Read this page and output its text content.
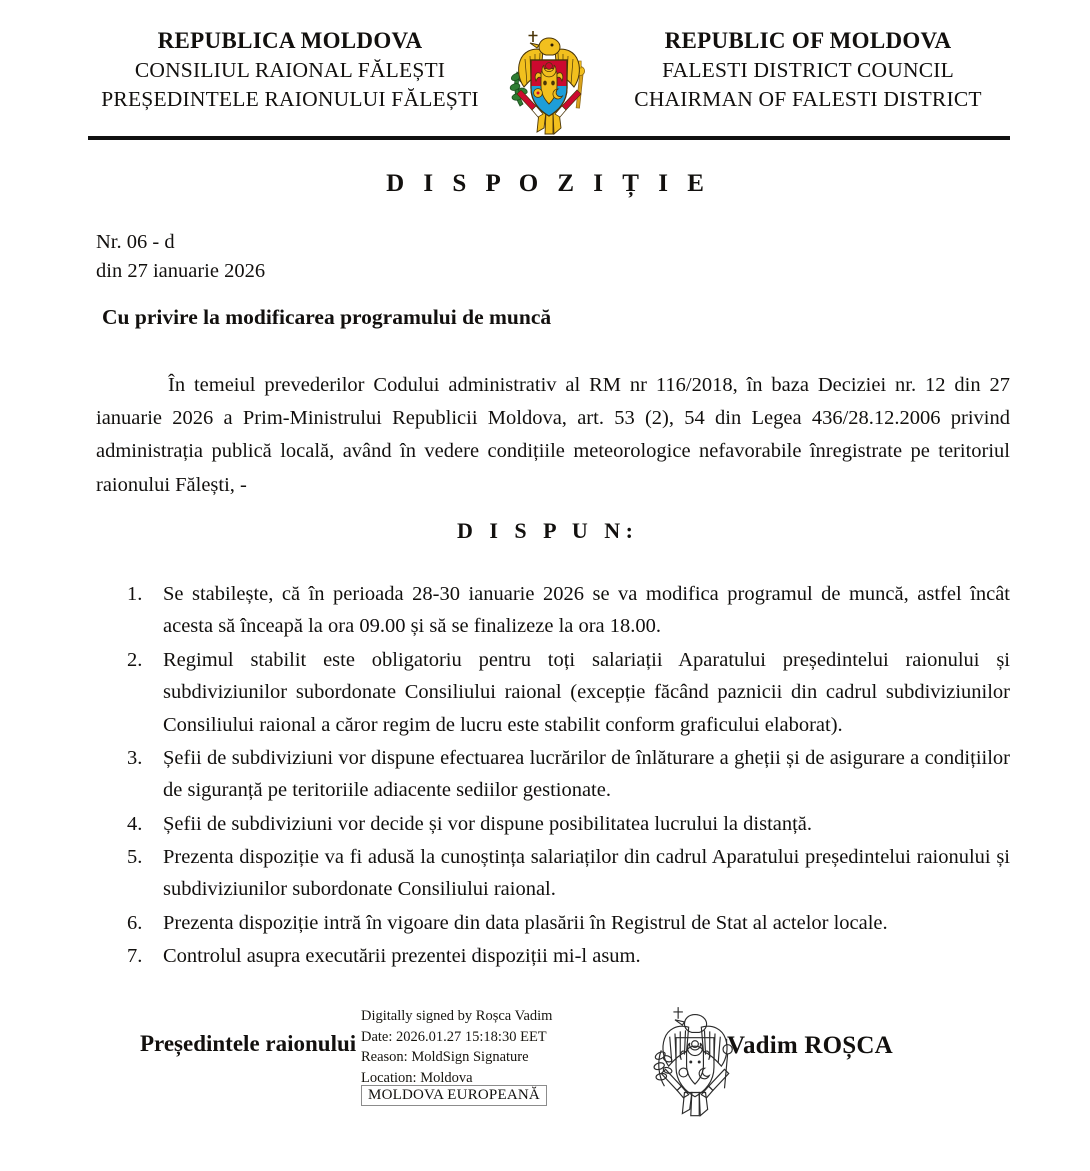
REPUBLICA MOLDOVA
CONSILIUL RAIONAL FĂLEȘTI
PREȘEDINTELE RAIONULUI FĂLEȘTI
REPUBLIC OF MOLDOVA
FALESTI DISTRICT COUNCIL
CHAIRMAN OF FALESTI DISTRICT
D I S P O Z I Ț I E
Nr. 06 - d
din 27 ianuarie 2026
Cu privire la modificarea programului de muncă
În temeiul prevederilor Codului administrativ al RM nr 116/2018, în baza Deciziei nr. 12 din 27 ianuarie 2026 a Prim-Ministrului Republicii Moldova, art. 53 (2), 54 din Legea 436/28.12.2006 privind administrația publică locală, având în vedere condițiile meteorologice nefavorabile înregistrate pe teritoriul raionului Fălești, -
D I S P U N:
1.	Se stabilește, că în perioada 28-30 ianuarie 2026 se va modifica programul de muncă, astfel încât acesta să înceapă la ora 09.00 și să se finalizeze la ora 18.00.
2.	Regimul stabilit este obligatoriu pentru toți salariații Aparatului președintelui raionului și subdiviziunilor subordonate Consiliului raional (excepție făcând paznicii din cadrul subdiviziunilor Consiliului raional a căror regim de lucru este stabilit conform graficului elaborat).
3.	Șefii de subdiviziuni vor dispune efectuarea lucrărilor de înlăturare a gheții și de asigurare a condițiilor de siguranță pe teritoriile adiacente sediilor gestionate.
4.	Șefii de subdiviziuni vor decide și vor dispune posibilitatea lucrului la distanță.
5.	Prezenta dispoziție va fi adusă la cunoștința salariaților din cadrul Aparatului președintelui raionului și subdiviziunilor subordonate Consiliului raional.
6.	Prezenta dispoziție intră în vigoare din data plasării în Registrul de Stat al actelor locale.
7.	Controlul asupra executării prezentei dispoziții mi-l asum.
Președintele raionului
Digitally signed by Roșca Vadim
Date: 2026.01.27 15:18:30 EET
Reason: MoldSign Signature
Location: Moldova
MOLDOVA EUROPEANĂ
Vadim ROȘCA
